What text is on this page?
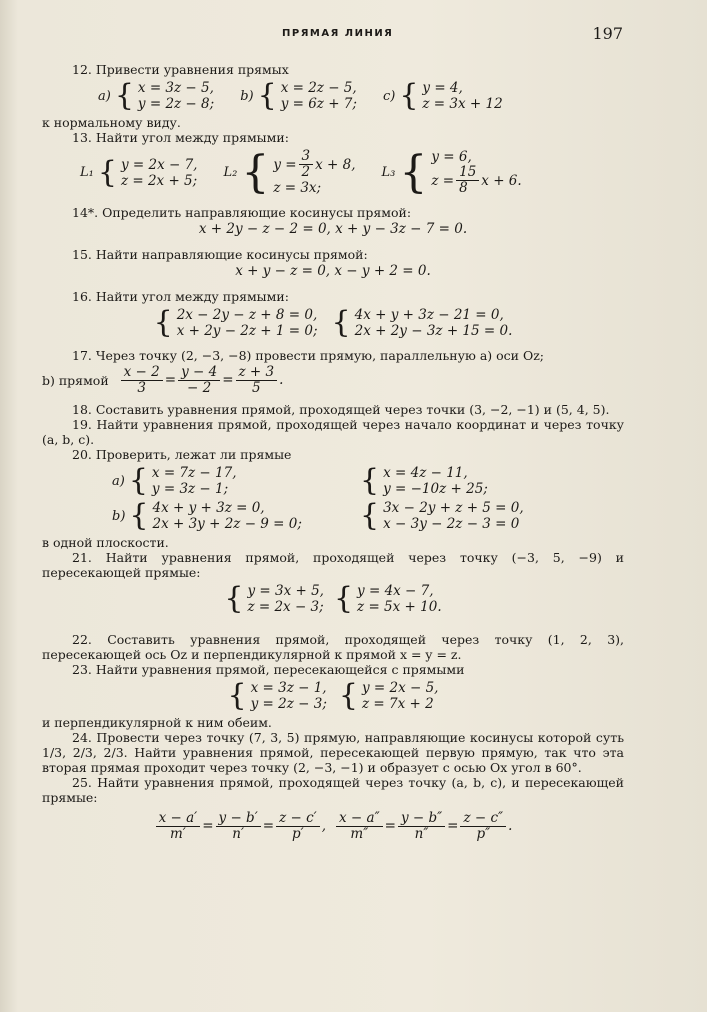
ПРЯМАЯ ЛИНИЯ	197

12. Привести уравнения прямых

a) { x = 3z − 5,
y = 2z − 8; b) { x = 2z − 5,
y = 6z + 7; c) { y = 4,
z = 3x + 12

к нормальному виду.

13. Найти угол между прямыми:

L₁ { y = 2x − 7,
z = 2x + 5; L₂ { $y = \frac{3}{2}$ x + 8,
z = 3x;
L₃ { y = 6,
$z = \frac{15}{8}$ x + 6.

14*. Определить направляющие косинусы прямой:

x + 2y − z − 2 = 0, x + y − 3z − 7 = 0.

15. Найти направляющие косинусы прямой:

x + y − z = 0, x − y + 2 = 0.

16. Найти угол между прямыми:

{ 2x − 2y − z + 8 = 0,
x + 2y − 2z + 1 = 0; { 4x + y + 3z − 21 = 0,
2x + 2y − 3z + 15 = 0.

17. Через точку (2, −3, −8) провести прямую, параллельную a) оси Oz;

b) прямой $\frac{x - 2}{3} = \frac{y - 4}{- 2} = \frac{z + 3}{5}$ .

18. Составить уравнения прямой, проходящей через точки (3, −2, −1) и (5, 4, 5).

19. Найти уравнения прямой, проходящей через начало координат и через точку (a, b, c).

20. Проверить, лежат ли прямые

a) { x = 7z − 17,
y = 3z − 1;	{ x = 4z − 11,
y = −10z + 25;
b) { 4x + y + 3z = 0,
2x + 3y + 2z − 9 = 0; { 3x − 2y + z + 5 = 0,
x − 3y − 2z − 3 = 0

в одной плоскости.

21. Найти уравнения прямой, проходящей через точку (−3, 5, −9) и пересекающей прямые:

{ y = 3x + 5,
z = 2x − 3; { y = 4x − 7,
z = 5x + 10.

22. Составить уравнения прямой, проходящей через точку (1, 2, 3), пересекающей ось Oz и перпендикулярной к прямой x = y = z.

23. Найти уравнения прямой, пересекающейся с прямыми

{ x = 3z − 1,
y = 2z − 3; { y = 2x − 5,
z = 7x + 2

и перпендикулярной к ним обеим.

24. Провести через точку (7, 3, 5) прямую, направляющие косинусы которой суть 1/3, 2/3, 2/3. Найти уравнения прямой, пересекающей первую прямую, так что эта вторая прямая проходит через точку (2, −3, −1) и образует с осью Ox угол в 60°.

25. Найти уравнения прямой, проходящей через точку (a, b, c), и пересекающей прямые:

$\frac{x - a'}{m'} = \frac{y - b'}{n'} = \frac{z - c'}{p'}$ , $\frac{x - a''}{m''} = \frac{y - b''}{n''} = \frac{z - c''}{p''}$ .
